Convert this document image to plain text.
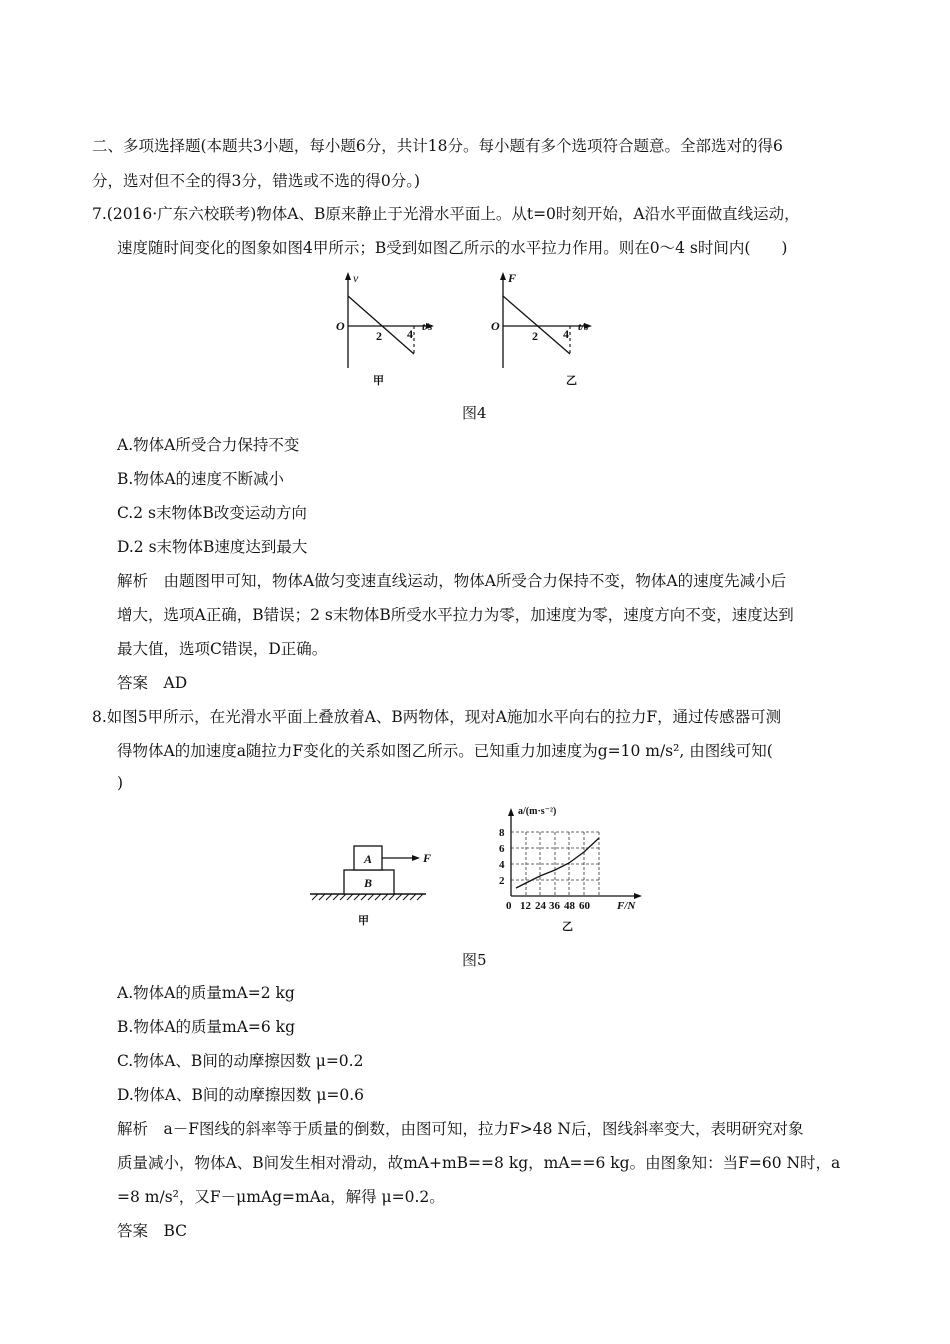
二、多项选择题(本题共3小题，每小题6分，共计18分。每小题有多个选项符合题意。全部选对的得6
分，选对但不全的得3分，错选或不选的得0分。)
7.(2016·广东六校联考)物体A、B原来静止于光滑水平面上。从t=0时刻开始，A沿水平面做直线运动，
速度随时间变化的图象如图4甲所示；B受到如图乙所示的水平拉力作用。则在0～4 s时间内(　　)
v
O
2 4 t/s
甲
F
O
2 4 t/s
乙
图4
A.物体A所受合力保持不变
B.物体A的速度不断减小
C.2 s末物体B改变运动方向
D.2 s末物体B速度达到最大
解析　由题图甲可知，物体A做匀变速直线运动，物体A所受合力保持不变，物体A的速度先减小后
增大，选项A正确，B错误；2 s末物体B所受水平拉力为零，加速度为零，速度方向不变，速度达到
最大值，选项C错误，D正确。
答案　AD
8.如图5甲所示，在光滑水平面上叠放着A、B两物体，现对A施加水平向右的拉力F，通过传感器可测
得物体A的加速度a随拉力F变化的关系如图乙所示。已知重力加速度为g=10 m/s², 由图线可知(
)
A
B
F
甲
a/(m·s⁻²)
8
6
4
2
0 12 24 36 48 60 F/N
乙
图5
A.物体A的质量mA=2 kg
B.物体A的质量mA=6 kg
C.物体A、B间的动摩擦因数 μ=0.2
D.物体A、B间的动摩擦因数 μ=0.6
解析　a－F图线的斜率等于质量的倒数，由图可知，拉力F>48 N后，图线斜率变大，表明研究对象
质量减小，物体A、B间发生相对滑动，故mA+mB==8 kg，mA==6 kg。由图象知：当F=60 N时，a
=8 m/s²，又F－μmAg=mAa，解得 μ=0.2。
答案　BC
